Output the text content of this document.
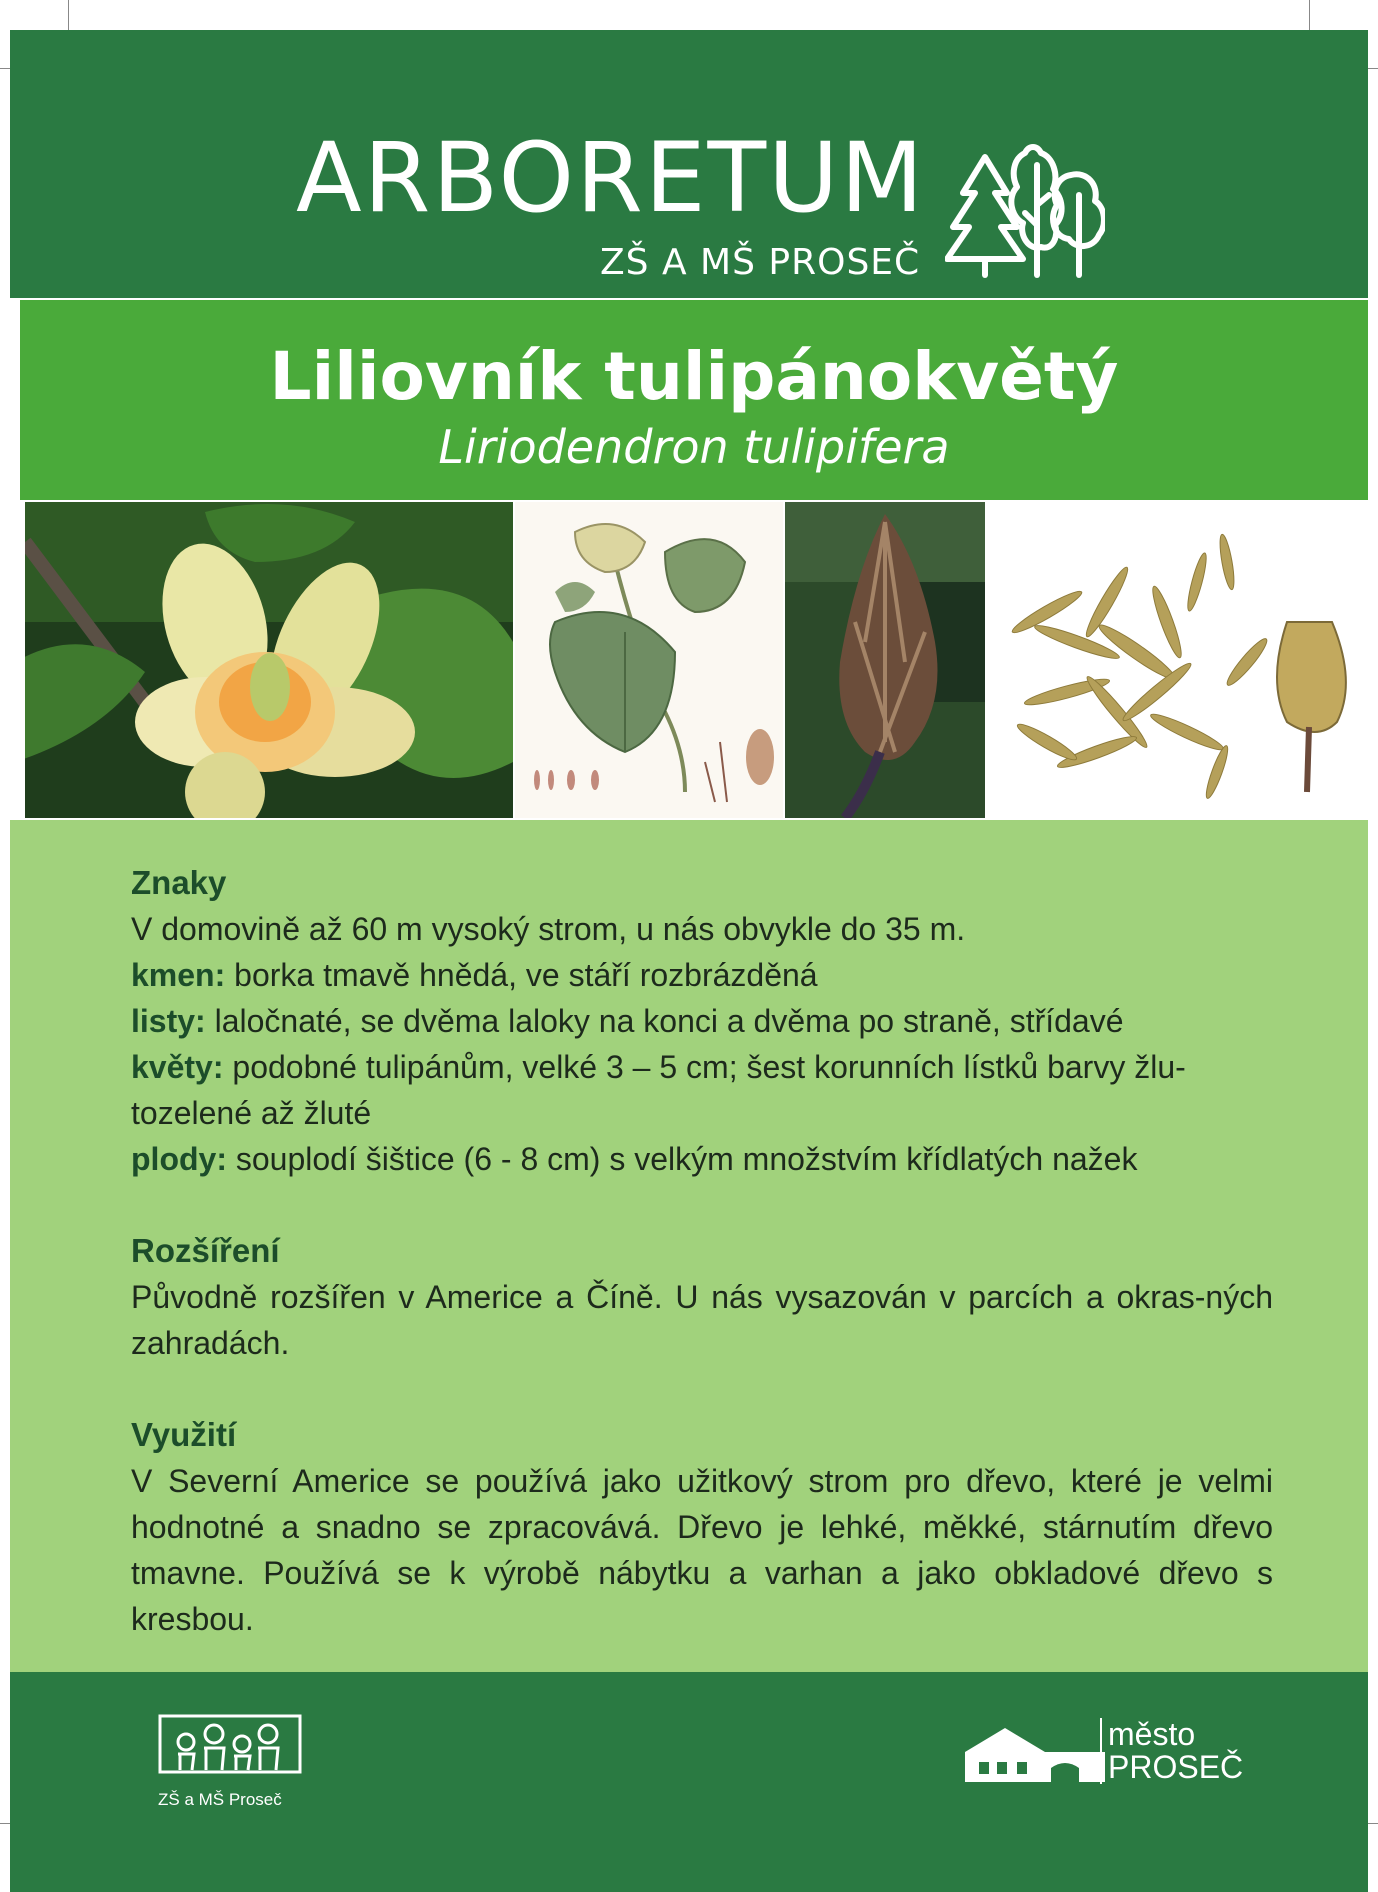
ARBORETUM
ZŠ A MŠ PROSEČ
Liliovník tulipánokvětý
Liriodendron tulipifera
Znaky

V domovině až 60 m vysoký strom, u nás obvykle do 35 m.

kmen: borka tmavě hnědá, ve stáří rozbrázděná

listy: laločnaté, se dvěma laloky na konci a dvěma po straně, střídavé

květy: podobné tulipánům, velké 3 – 5 cm; šest korunních lístků barvy žlu-tozelené až žluté

plody: souplodí šištice (6 - 8 cm) s velkým množstvím křídlatých nažek

Rozšíření

Původně rozšířen v Americe a Číně. U nás vysazován v parcích a okras-ných zahradách.

Využití

V Severní Americe se používá jako užitkový strom pro dřevo, které je velmi hodnotné a snadno se zpracovává. Dřevo je lehké, měkké, stárnutím dřevo tmavne. Používá se k výrobě nábytku a varhan a jako obkladové dřevo s kresbou.

ZŠ a MŠ Proseč
město
PROSEČ
